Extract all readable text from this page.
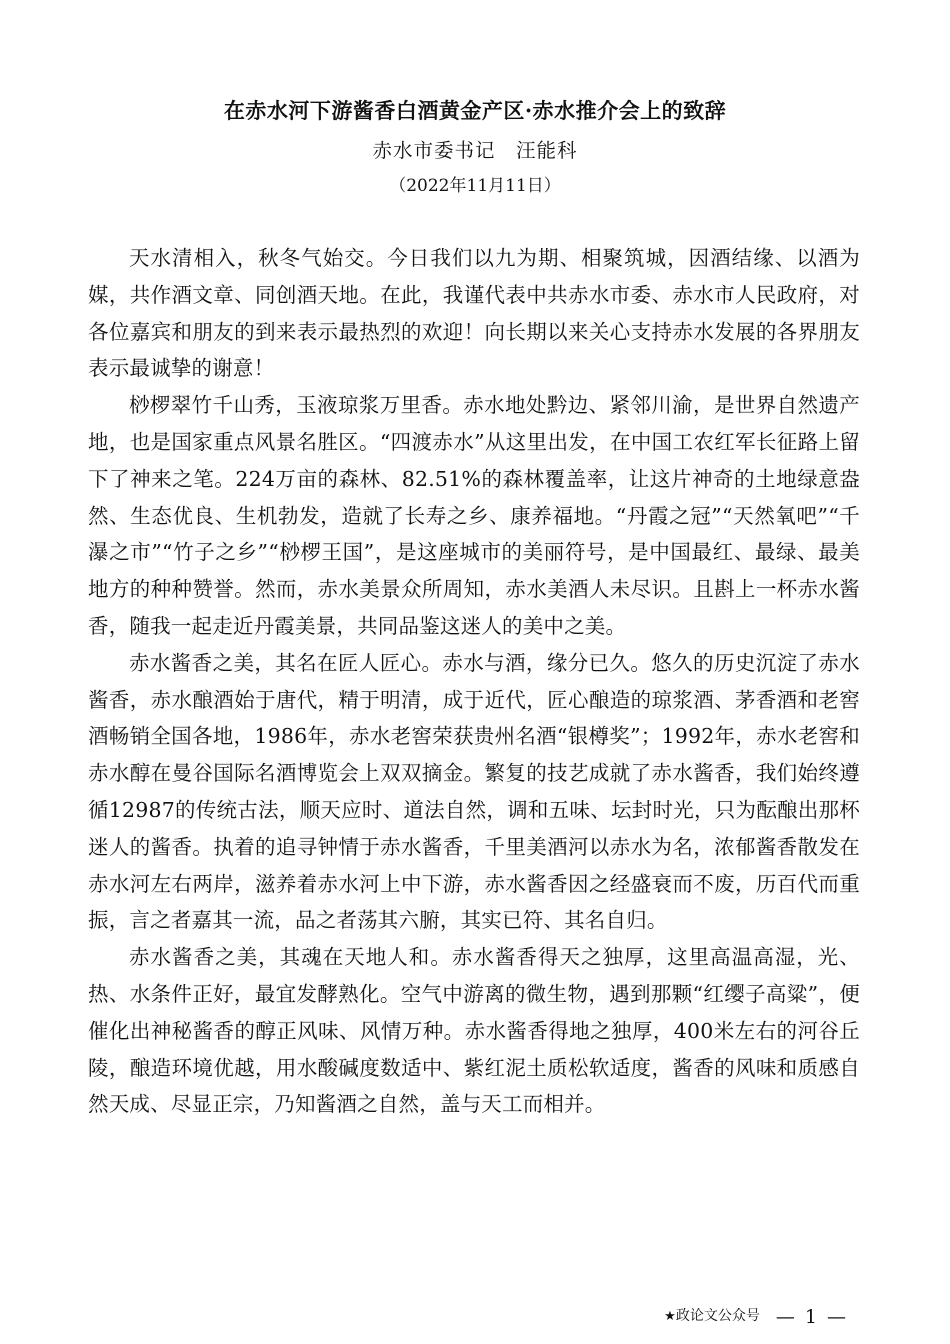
在赤水河下游酱香白酒黄金产区·赤水推介会上的致辞
赤水市委书记　汪能科
（2022年11月11日）

天水清相入，秋冬气始交。今日我们以九为期、相聚筑城，因酒结缘、以酒为媒，共作酒文章、同创酒天地。在此，我谨代表中共赤水市委、赤水市人民政府，对各位嘉宾和朋友的到来表示最热烈的欢迎！向长期以来关心支持赤水发展的各界朋友表示最诚挚的谢意！

桫椤翠竹千山秀，玉液琼浆万里香。赤水地处黔边、紧邻川渝，是世界自然遗产地，也是国家重点风景名胜区。“四渡赤水”从这里出发，在中国工农红军长征路上留下了神来之笔。224万亩的森林、82.51%的森林覆盖率，让这片神奇的土地绿意盎然、生态优良、生机勃发，造就了长寿之乡、康养福地。“丹霞之冠”“天然氧吧”“千瀑之市”“竹子之乡”“桫椤王国”，是这座城市的美丽符号，是中国最红、最绿、最美地方的种种赞誉。然而，赤水美景众所周知，赤水美酒人未尽识。且斟上一杯赤水酱香，随我一起走近丹霞美景，共同品鉴这迷人的美中之美。

赤水酱香之美，其名在匠人匠心。赤水与酒，缘分已久。悠久的历史沉淀了赤水酱香，赤水酿酒始于唐代，精于明清，成于近代，匠心酿造的琼浆酒、茅香酒和老窖酒畅销全国各地，1986年，赤水老窖荣获贵州名酒“银樽奖”；1992年，赤水老窖和赤水醇在曼谷国际名酒博览会上双双摘金。繁复的技艺成就了赤水酱香，我们始终遵循12987的传统古法，顺天应时、道法自然，调和五味、坛封时光，只为酝酿出那杯迷人的酱香。执着的追寻钟情于赤水酱香，千里美酒河以赤水为名，浓郁酱香散发在赤水河左右两岸，滋养着赤水河上中下游，赤水酱香因之经盛衰而不废，历百代而重振，言之者嘉其一流，品之者荡其六腑，其实已符、其名自归。

赤水酱香之美，其魂在天地人和。赤水酱香得天之独厚，这里高温高湿，光、热、水条件正好，最宜发酵熟化。空气中游离的微生物，遇到那颗“红缨子高粱”，便催化出神秘酱香的醇正风味、风情万种。赤水酱香得地之独厚，400米左右的河谷丘陵，酿造环境优越，用水酸碱度数适中、紫红泥土质松软适度，酱香的风味和质感自然天成、尽显正宗，乃知酱酒之自然，盖与天工而相并。

★政论文公众号 — 1 —
